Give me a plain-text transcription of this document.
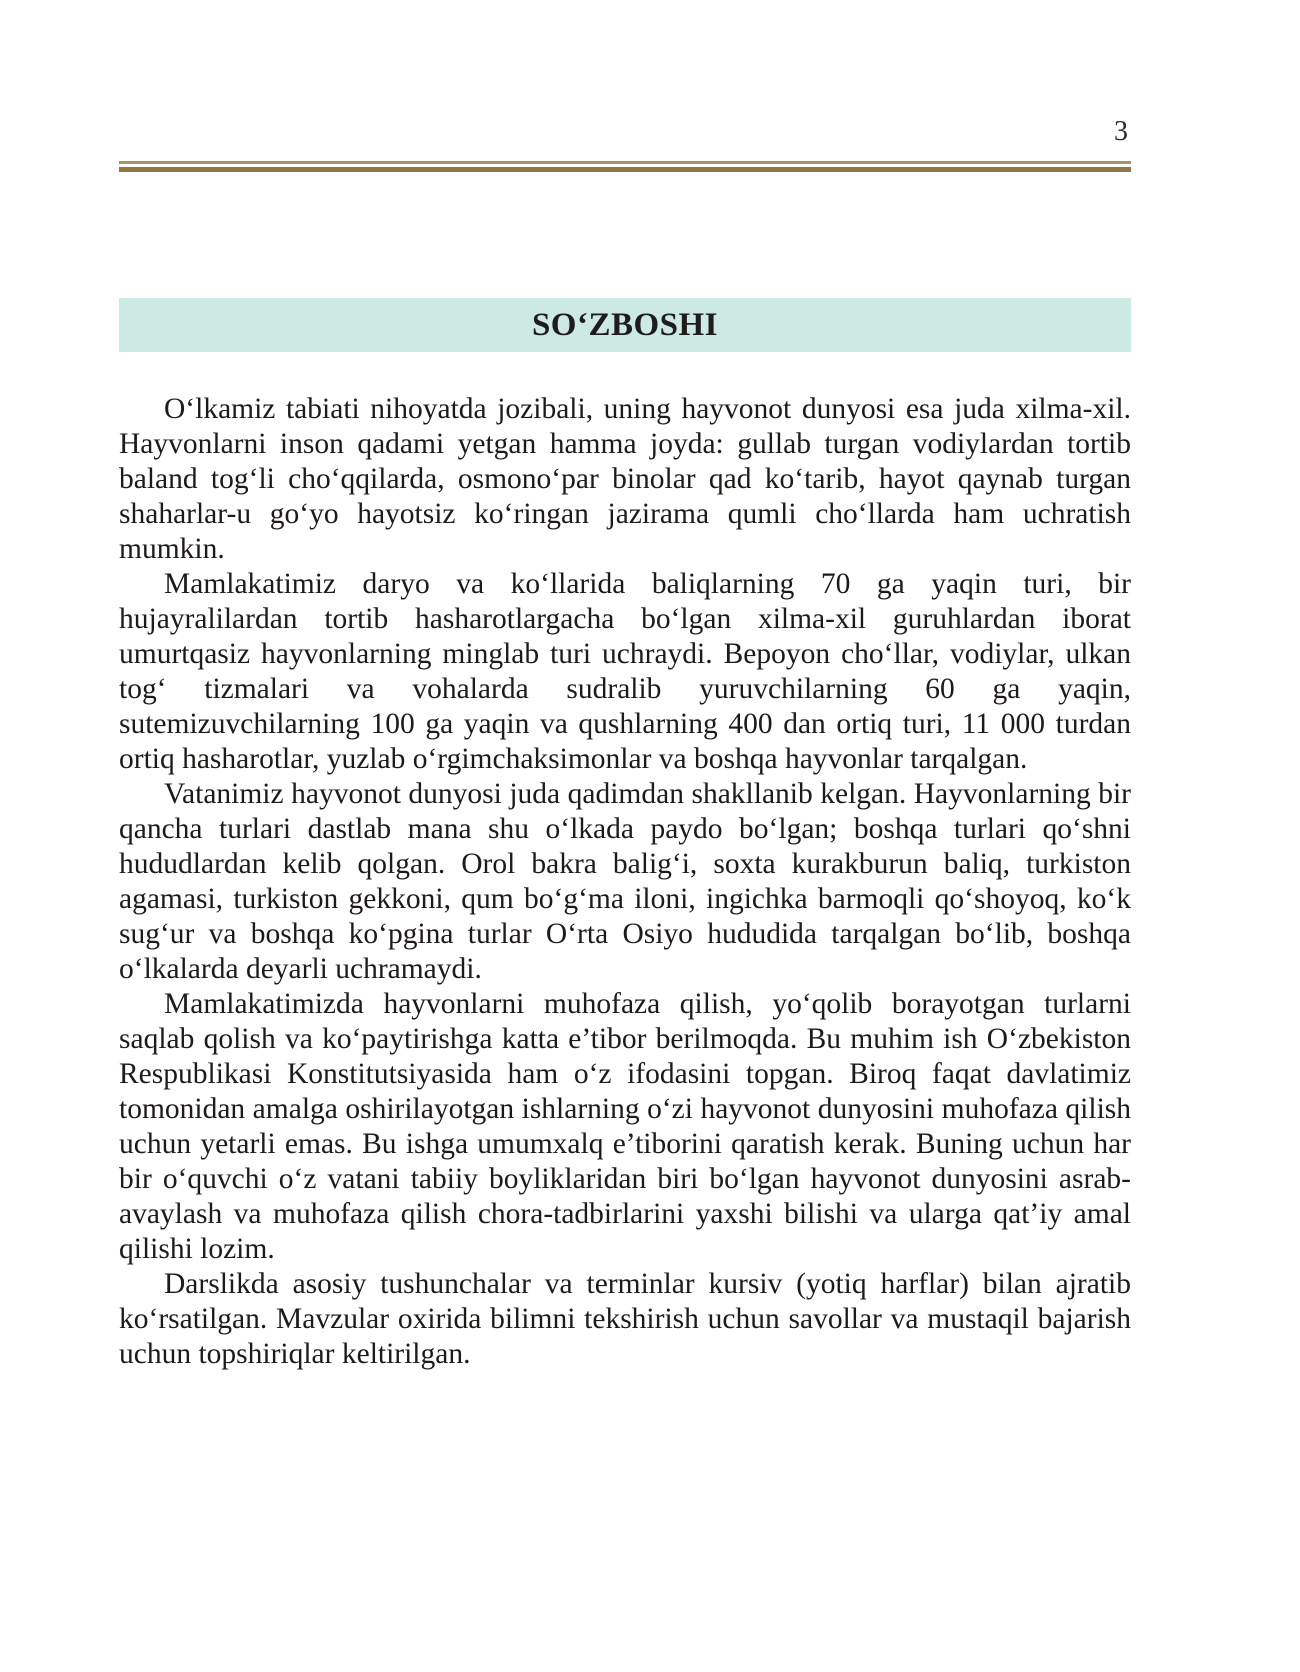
3
SO‘ZBOSHI

O‘lkamiz tabiati nihoyatda jozibali, uning hayvonot dunyosi esa juda xilma-xil. Hayvonlarni inson qadami yetgan hamma joyda: gullab turgan vodiylardan tortib baland tog‘li cho‘qqilarda, osmono‘par binolar qad ko‘tarib, hayot qaynab turgan shaharlar-u go‘yo hayotsiz ko‘ringan jazirama qumli cho‘llarda ham uchratish mumkin.

Mamlakatimiz daryo va ko‘llarida baliqlarning 70 ga yaqin turi, bir hujayralilardan tortib hasharotlargacha bo‘lgan xilma-xil guruhlardan iborat umurtqasiz hayvonlarning minglab turi uchraydi. Bepoyon cho‘llar, vodiylar, ulkan tog‘ tizmalari va vohalarda sudralib yuruvchilarning 60 ga yaqin, sutemizuvchilarning 100 ga yaqin va qushlarning 400 dan ortiq turi, 11 000 turdan ortiq hasharotlar, yuzlab o‘rgimchaksimonlar va boshqa hayvonlar tarqalgan.

Vatanimiz hayvonot dunyosi juda qadimdan shakllanib kelgan. Hayvonlarning bir qancha turlari dastlab mana shu o‘lkada paydo bo‘lgan; boshqa turlari qo‘shni hududlardan kelib qolgan. Orol bakra balig‘i, soxta kurakburun baliq, turkiston agamasi, turkiston gekkoni, qum bo‘g‘ma iloni, ingichka barmoqli qo‘shoyoq, ko‘k sug‘ur va boshqa ko‘pgina turlar O‘rta Osiyo hududida tarqalgan bo‘lib, boshqa o‘lkalarda deyarli uchramaydi.

Mamlakatimizda hayvonlarni muhofaza qilish, yo‘qolib borayotgan turlarni saqlab qolish va ko‘paytirishga katta e’tibor berilmoqda. Bu muhim ish O‘zbekiston Respublikasi Konstitutsiyasida ham o‘z ifodasini topgan. Biroq faqat davlatimiz tomonidan amalga oshirilayotgan ishlarning o‘zi hayvonot dunyosini muhofaza qilish uchun yetarli emas. Bu ishga umumxalq e’tiborini qaratish kerak. Buning uchun har bir o‘quvchi o‘z vatani tabiiy boyliklaridan biri bo‘lgan hayvonot dunyosini asrab-avaylash va muhofaza qilish chora-tadbirlarini yaxshi bilishi va ularga qat’iy amal qilishi lozim.

Darslikda asosiy tushunchalar va terminlar kursiv (yotiq harflar) bilan ajratib ko‘rsatilgan. Mavzular oxirida bilimni tekshirish uchun savollar va mustaqil bajarish uchun topshiriqlar keltirilgan.
